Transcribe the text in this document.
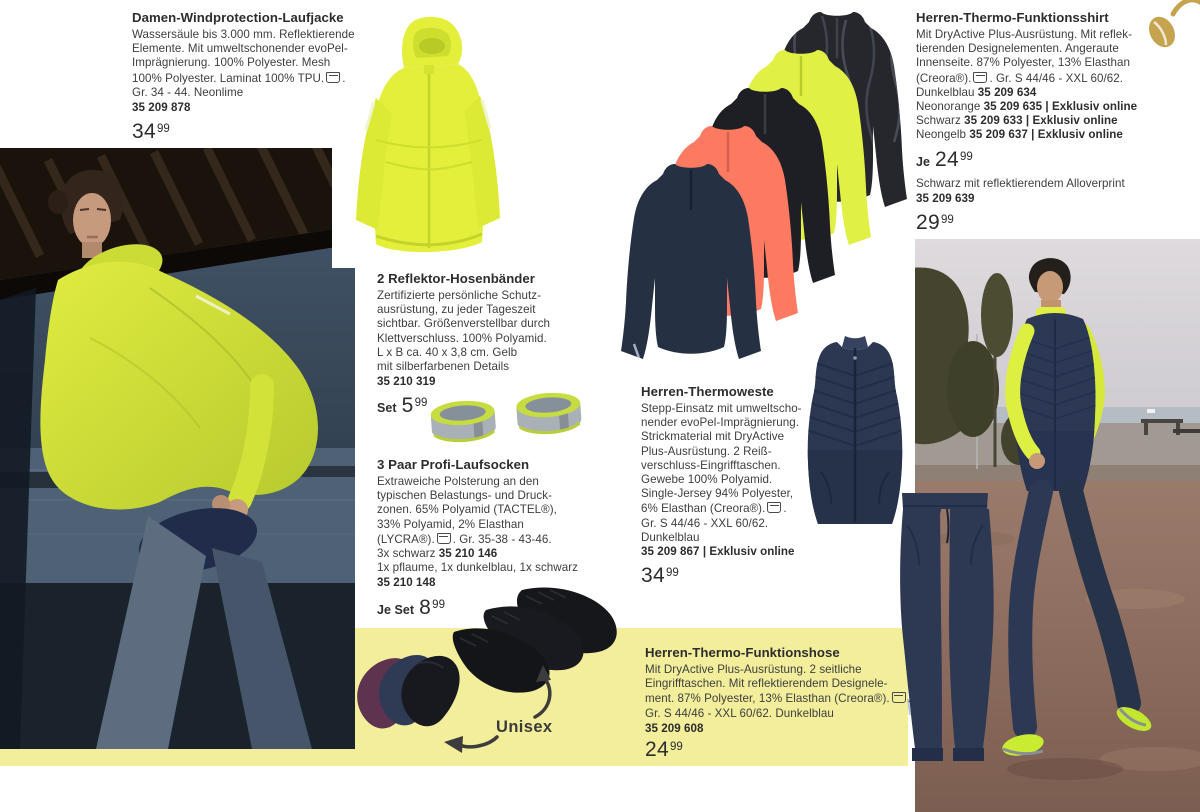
Unisex
Damen-Windprotection-Laufjacke
Wassersäule bis 3.000 mm. Reflektierende
Elemente. Mit umweltschonender evoPel-
Imprägnierung. 100% Polyester. Mesh
100% Polyester. Laminat 100% TPU. .
Gr. 34 - 44. Neonlime
35 209 878
3499
2 Reflektor-Hosenbänder
Zertifizierte persönliche Schutz-
ausrüstung, zu jeder Tageszeit
sichtbar. Größenverstellbar durch
Klettverschluss. 100% Polyamid.
L x B ca. 40 x 3,8 cm. Gelb
mit silberfarbenen Details
35 210 319
Set 599
3 Paar Profi-Laufsocken
Extraweiche Polsterung an den
typischen Belastungs- und Druck-
zonen. 65% Polyamid (TACTEL®),
33% Polyamid, 2% Elasthan
(LYCRA®). . Gr. 35-38 - 43-46.
3x schwarz 35 210 146
1x pflaume, 1x dunkelblau, 1x schwarz
35 210 148
Je Set 899
Herren-Thermo-Funktionsshirt
Mit DryActive Plus-Ausrüstung. Mit reflek-
tierenden Designelementen. Angeraute
Innenseite. 87% Polyester, 13% Elasthan
(Creora®). . Gr. S 44/46 - XXL 60/62.
Dunkelblau 35 209 634
Neonorange 35 209 635 | Exklusiv online
Schwarz 35 209 633 | Exklusiv online
Neongelb 35 209 637 | Exklusiv online
Je 2499
Schwarz mit reflektierendem Alloverprint
35 209 639
2999
Herren-Thermoweste
Stepp-Einsatz mit umweltscho-
nender evoPel-Imprägnierung.
Strickmaterial mit DryActive
Plus-Ausrüstung. 2 Reiß-
verschluss-Eingrifftaschen.
Gewebe 100% Polyamid.
Single-Jersey 94% Polyester,
6% Elasthan (Creora®). .
Gr. S 44/46 - XXL 60/62.
Dunkelblau
35 209 867 | Exklusiv online
3499
Herren-Thermo-Funktionshose
Mit DryActive Plus-Ausrüstung. 2 seitliche
Eingrifftaschen. Mit reflektierendem Designele-
ment. 87% Polyester, 13% Elasthan (Creora®). .
Gr. S 44/46 - XXL 60/62. Dunkelblau
35 209 608
2499
